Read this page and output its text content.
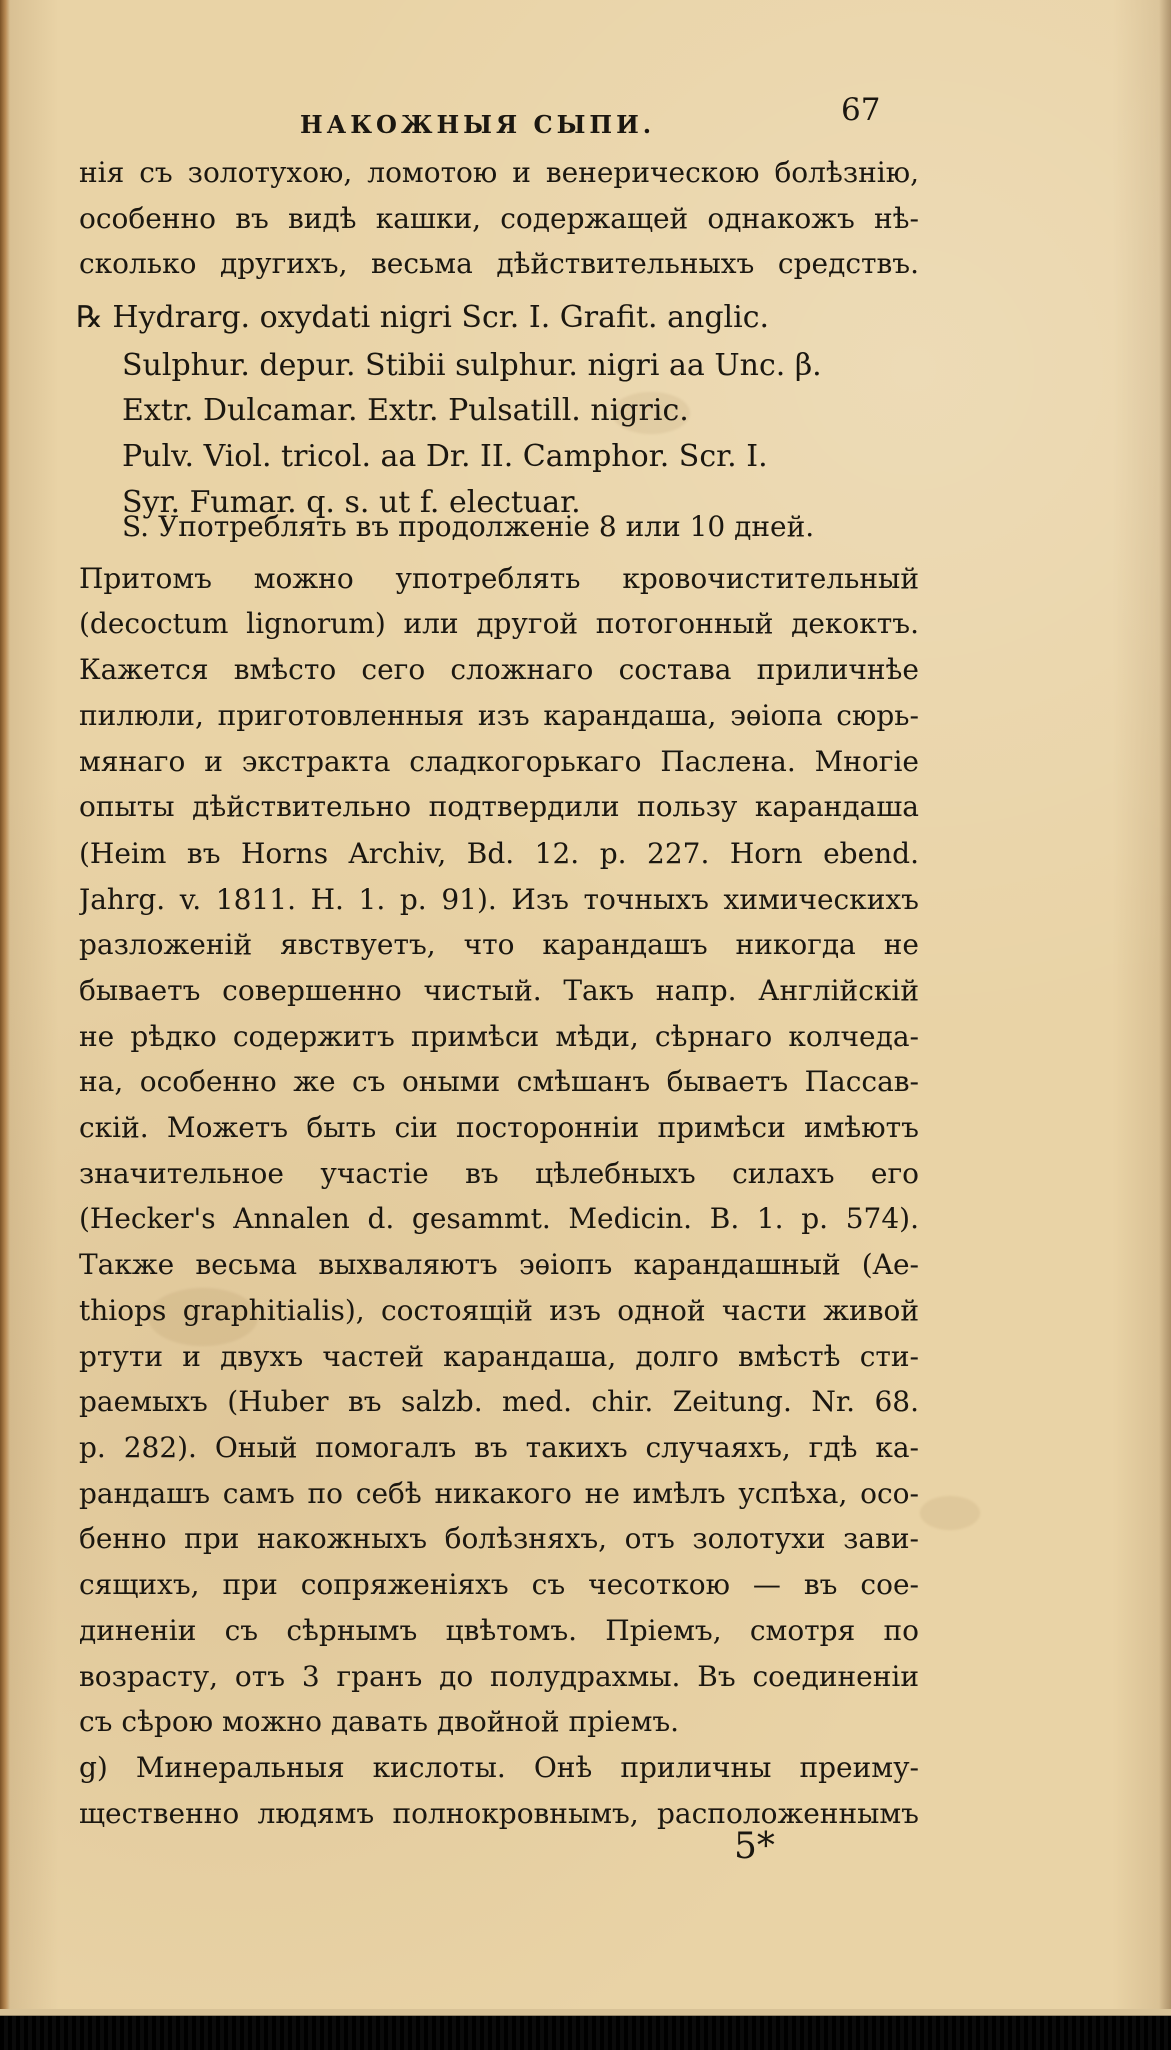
НАКОЖНЫЯ СЫПИ.	67
нія съ золотухою, ломотою и венерическою болѣзнію,
особенно въ видѣ кашки, содержащей однакожъ нѣ-
сколько другихъ, весьма дѣйствительныхъ средствъ.
℞ Hydrarg. oxydati nigri Scr. I. Grafit. anglic.
Sulphur. depur. Stibii sulphur. nigri aa Unc. β.
Extr. Dulcamar. Extr. Pulsatill. nigric.
Pulv. Viol. tricol. aa Dr. II. Camphor. Scr. I.
Syr. Fumar. q. s. ut f. electuar.
S. Употреблять въ продолженіе 8 или 10 дней.
Притомъ можно употреблять кровочистительный
(decoctum lignorum) или другой потогонный декоктъ.
Кажется вмѣсто сего сложнаго состава приличнѣе
пилюли, приготовленныя изъ карандаша, эѳіопа сюрь-
мянаго и экстракта сладкогорькаго Паслена. Многіе
опыты дѣйствительно подтвердили пользу карандаша
(Heim въ Horns Archiv, Bd. 12. p. 227. Horn ebend.
Jahrg. v. 1811. H. 1. p. 91). Изъ точныхъ химическихъ
разложеній явствуетъ, что карандашъ никогда не
бываетъ совершенно чистый. Такъ напр. Англійскій
не рѣдко содержитъ примѣси мѣди, сѣрнаго колчеда-
на, особенно же съ оными смѣшанъ бываетъ Пассав-
скій. Можетъ быть сіи посторонніи примѣси имѣютъ
значительное участіе въ цѣлебныхъ силахъ его
(Hecker's Annalen d. gesammt. Medicin. B. 1. p. 574).
Также весьма выхваляютъ эѳіопъ карандашный (Ae-
thiops graphitialis), состоящій изъ одной части живой
ртути и двухъ частей карандаша, долго вмѣстѣ сти-
раемыхъ (Huber въ salzb. med. chir. Zeitung. Nr. 68.
p. 282). Оный помогалъ въ такихъ случаяхъ, гдѣ ка-
рандашъ самъ по себѣ никакого не имѣлъ успѣха, осо-
бенно при накожныхъ болѣзняхъ, отъ золотухи зави-
сящихъ, при сопряженіяхъ съ чесоткою — въ сое-
диненіи съ сѣрнымъ цвѣтомъ. Пріемъ, смотря по
возрасту, отъ 3 гранъ до полудрахмы. Въ соединеніи
съ сѣрою можно давать двойной пріемъ.
g) Минеральныя кислоты. Онѣ приличны преиму-
щественно людямъ полнокровнымъ, расположеннымъ
5*
